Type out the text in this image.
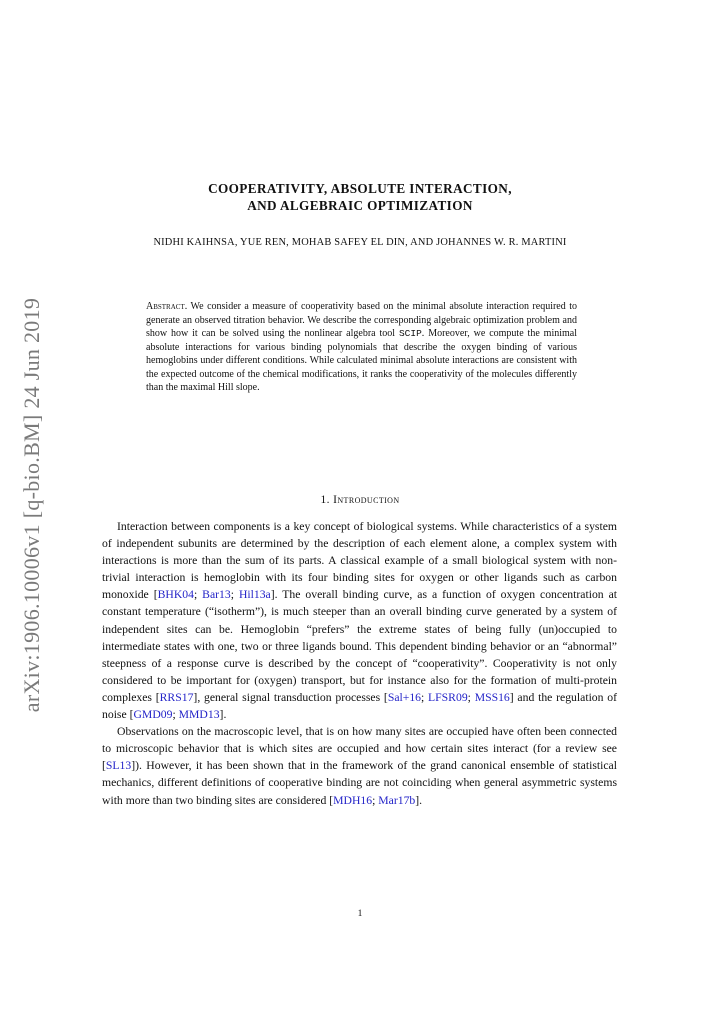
arXiv:1906.10006v1 [q-bio.BM] 24 Jun 2019
COOPERATIVITY, ABSOLUTE INTERACTION,
AND ALGEBRAIC OPTIMIZATION
NIDHI KAIHNSA, YUE REN, MOHAB SAFEY EL DIN, AND JOHANNES W. R. MARTINI
Abstract. We consider a measure of cooperativity based on the minimal absolute interaction required to generate an observed titration behavior. We describe the corresponding algebraic optimization problem and show how it can be solved using the nonlinear algebra tool SCIP. Moreover, we compute the minimal absolute interactions for various binding polynomials that describe the oxygen binding of various hemoglobins under different conditions. While calculated minimal absolute interactions are consistent with the expected outcome of the chemical modifications, it ranks the cooperativity of the molecules differently than the maximal Hill slope.
1. Introduction

Interaction between components is a key concept of biological systems. While characteristics of a system of independent subunits are determined by the description of each element alone, a complex system with interactions is more than the sum of its parts. A classical example of a small biological system with non-trivial interaction is hemoglobin with its four binding sites for oxygen or other ligands such as carbon monoxide [BHK04; Bar13; Hil13a]. The overall binding curve, as a function of oxygen concentration at constant temperature (“isotherm”), is much steeper than an overall binding curve generated by a system of independent sites can be. Hemoglobin “prefers” the extreme states of being fully (un)occupied to intermediate states with one, two or three ligands bound. This dependent binding behavior or an “abnormal” steepness of a response curve is described by the concept of “cooperativity”. Cooperativity is not only considered to be important for (oxygen) transport, but for instance also for the formation of multi-protein complexes [RRS17], general signal transduction processes [Sal+16; LFSR09; MSS16] and the regulation of noise [GMD09; MMD13].

Observations on the macroscopic level, that is on how many sites are occupied have often been connected to microscopic behavior that is which sites are occupied and how certain sites interact (for a review see [SL13]). However, it has been shown that in the framework of the grand canonical ensemble of statistical mechanics, different definitions of cooperative binding are not coinciding when general asymmetric systems with more than two binding sites are considered [MDH16; Mar17b].

1
